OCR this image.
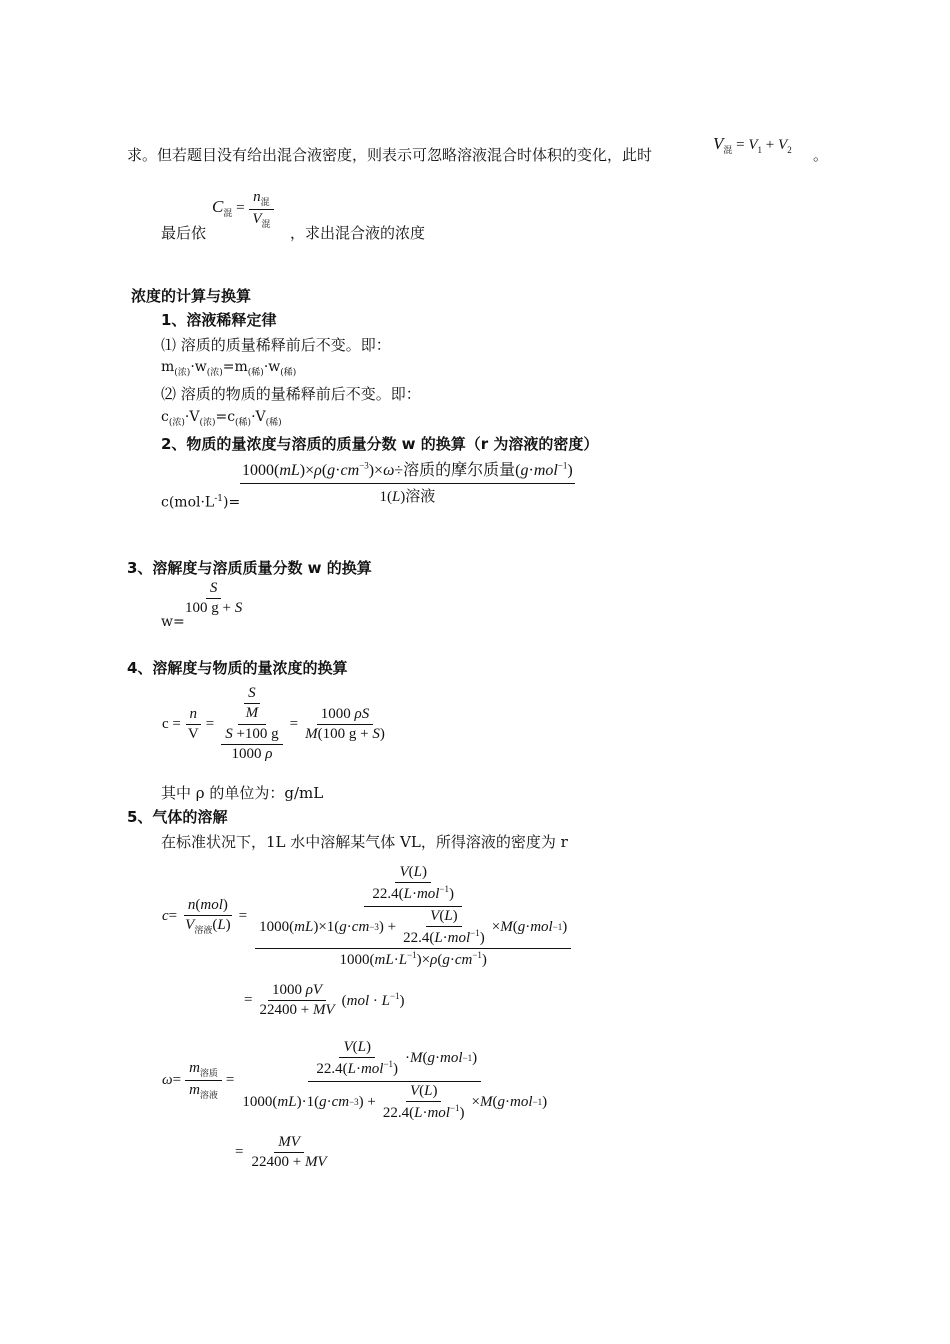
求。但若题目没有给出混合液密度，则表示可忽略溶液混合时体积的变化，此时
$V_混 = V_1 + V_2$ 。
最后依
$C_混 = \frac{n_混}{V_混}$
，求出混合液的浓度
浓度的计算与换算
1、溶液稀释定律
⑴ 溶质的质量稀释前后不变。即：
$m_{(浓)}\cdot w_{(浓)}=m_{(稀)}\cdot w_{(稀)}$
⑵ 溶质的物质的量稀释前后不变。即：
$c_{(浓)}\cdot V_{(浓)}=c_{(稀)}\cdot V_{(稀)}$
2、物质的量浓度与溶质的质量分数 w 的换算（r 为溶液的密度）
$c(mol\cdot L^{-1})= \frac{1000(mL)\times\rho(g\cdot cm^{-3})\times\omega\div 溶质的摩尔质量(g\cdot mol^{-1})}{\text{1(L)溶液}}$
3、溶解度与溶质质量分数 w 的换算
w=
$\frac{S}{100 g + S}$
4、溶解度与物质的量浓度的换算
$c = \frac{n}{V} = \frac{\frac{S}{M}}{\frac{S +100 g}{1000 \rho}} = \frac{1000 \rho S}{M(100 g + S)}$
其中 ρ 的单位为：g/mL
5、气体的溶解
在标准状况下，1L 水中溶解某气体 VL，所得溶液的密度为 r
$c = \frac{\text{n(mol)}}{V_{溶液}(L)}$ =
$\frac{V(L)}{22.4(L\cdot mol^{-1})}$
1000( mL )×1( g · cm −3 ) + $\frac{V(L)}{22.4(L\cdot mol^{-1})} \times M$ ( g · mol −1 )
$1000(mL\cdot L^{-1})\times\rho(g\cdot cm^{-1})$
= $\frac{1000 \rho V}{22400 + MV} (mol \cdot L^{-1})$
$\omega = \frac{m_{溶质}}{m_{溶液}}$ =
$\frac{V(L)}{22.4(L\cdot mol^{-1})} \cdot M$ ( g · mol −1 )
1000( mL )·1( g · cm −3 ) + $\frac{V(L)}{22.4(L\cdot mol^{-1})} \times M$ ( g · mol −1 )
= $\frac{MV}{22400 + MV}$
